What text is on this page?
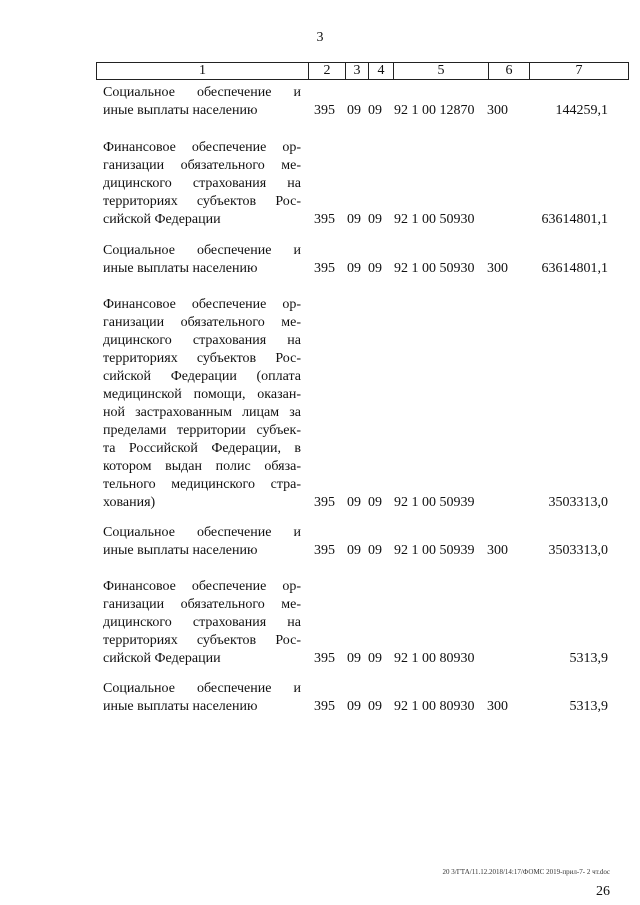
3
1	2	3	4	5	6	7
Социальное обеспечение и
иные выплаты населению	395 09 09 92 1 00 12870 300	144259,1
Финансовое обеспечение ор-
ганизации обязательного ме-
дицинского страхования на
территориях субъектов Рос-
сийской Федерации	395 09 09 92 1 00 50930	63614801,1
Социальное обеспечение и
иные выплаты населению	395 09 09 92 1 00 50930 300 63614801,1
Финансовое обеспечение ор-
ганизации обязательного ме-
дицинского страхования на
территориях субъектов Рос-
сийской Федерации (оплата
медицинской помощи, оказан-
ной застрахованным лицам за
пределами территории субъек-
та Российской Федерации, в
котором выдан полис обяза-
тельного медицинского стра-
хования)	395 09 09 92 1 00 50939	3503313,0
Социальное обеспечение и
иные выплаты населению	395 09 09 92 1 00 50939 300	3503313,0
Финансовое обеспечение ор-
ганизации обязательного ме-
дицинского страхования на
территориях субъектов Рос-
сийской Федерации	395 09 09 92 1 00 80930	5313,9
Социальное обеспечение и
иные выплаты населению	395 09 09 92 1 00 80930 300	5313,9
20 3/ГТА/11.12.2018/14:17/ФОМС 2019-прил-7- 2 чт.doc
26
